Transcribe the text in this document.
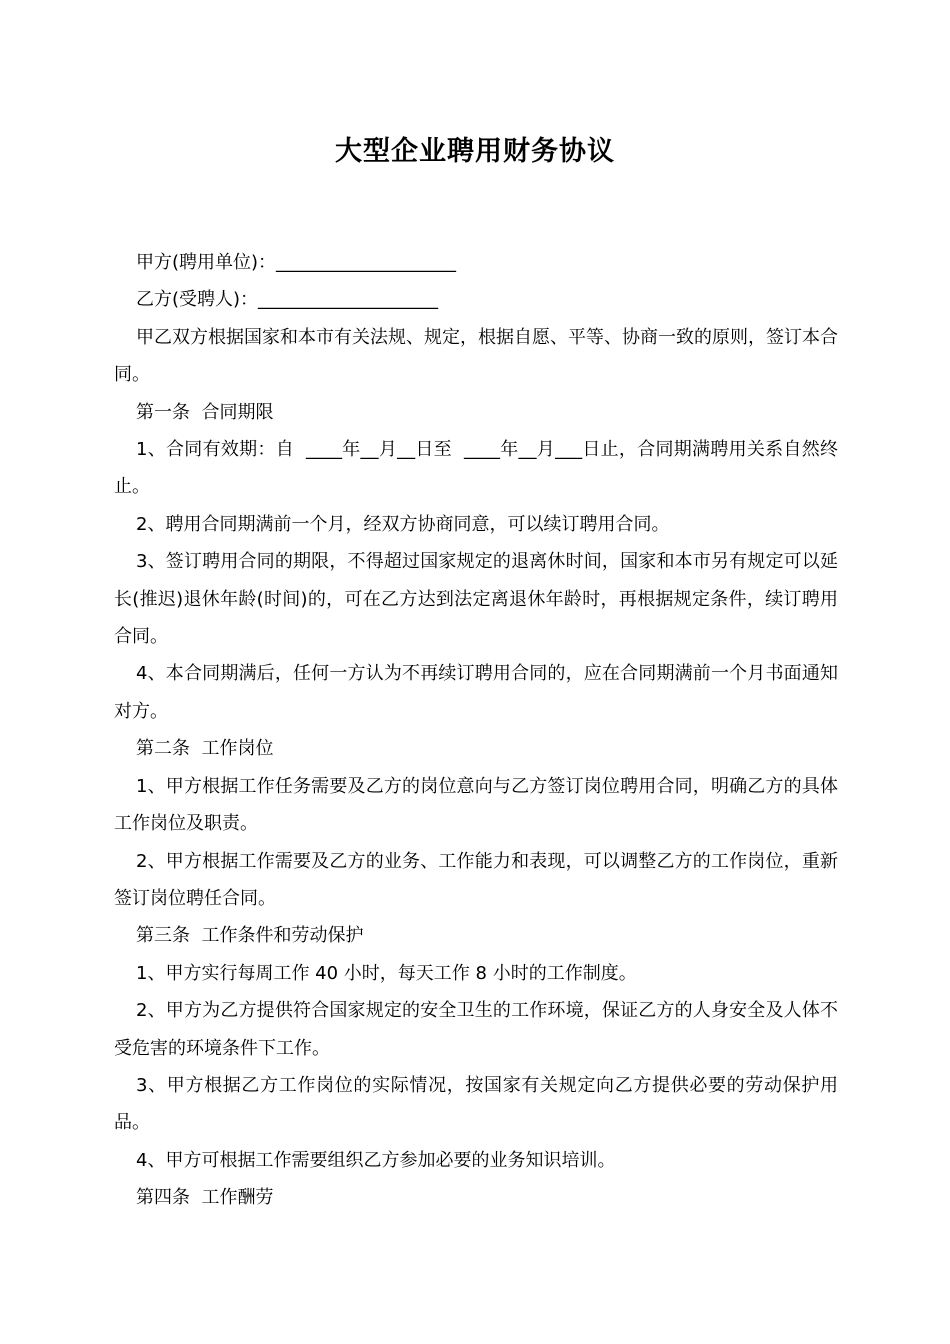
大型企业聘用财务协议

甲方(聘用单位)：____________________

乙方(受聘人)：____________________

甲乙双方根据国家和本市有关法规、规定，根据自愿、平等、协商一致的原则，签订本合同。

第一条  合同期限

1、合同有效期：自  ____年__月__日至  ____年__月___日止，合同期满聘用关系自然终止。

2、聘用合同期满前一个月，经双方协商同意，可以续订聘用合同。

3、签订聘用合同的期限，不得超过国家规定的退离休时间，国家和本市另有规定可以延长(推迟)退休年龄(时间)的，可在乙方达到法定离退休年龄时，再根据规定条件，续订聘用合同。

4、本合同期满后，任何一方认为不再续订聘用合同的，应在合同期满前一个月书面通知对方。

第二条  工作岗位

1、甲方根据工作任务需要及乙方的岗位意向与乙方签订岗位聘用合同，明确乙方的具体工作岗位及职责。

2、甲方根据工作需要及乙方的业务、工作能力和表现，可以调整乙方的工作岗位，重新签订岗位聘任合同。

第三条  工作条件和劳动保护

1、甲方实行每周工作 40 小时，每天工作 8 小时的工作制度。

2、甲方为乙方提供符合国家规定的安全卫生的工作环境，保证乙方的人身安全及人体不受危害的环境条件下工作。

3、甲方根据乙方工作岗位的实际情况，按国家有关规定向乙方提供必要的劳动保护用品。

4、甲方可根据工作需要组织乙方参加必要的业务知识培训。

第四条  工作酬劳
